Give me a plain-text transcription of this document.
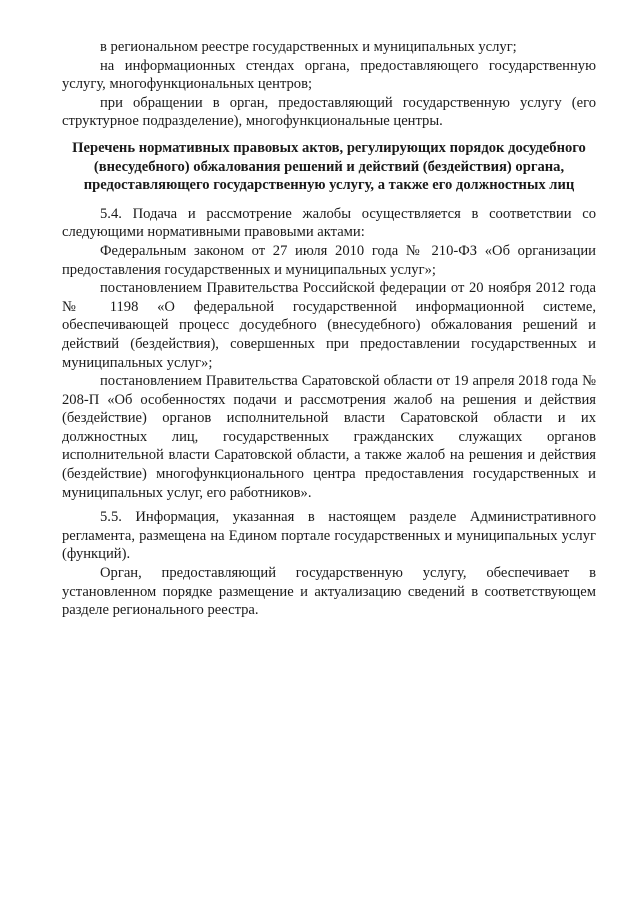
в региональном реестре государственных и муниципальных услуг;

на информационных стендах органа, предоставляющего государственную услугу, многофункциональных центров;

при обращении в орган, предоставляющий государственную услугу (его структурное подразделение), многофункциональные центры.

Перечень нормативных правовых актов, регулирующих порядок досудебного (внесудебного) обжалования решений и действий (бездействия) органа, предоставляющего государственную услугу, а также его должностных лиц

5.4. Подача и рассмотрение жалобы осуществляется в соответствии со следующими нормативными правовыми актами:

Федеральным законом от 27 июля 2010 года № 210-ФЗ «Об организации предоставления государственных и муниципальных услуг»;

постановлением Правительства Российской федерации от 20 ноября 2012 года № 1198 «О федеральной государственной информационной системе, обеспечивающей процесс досудебного (внесудебного) обжалования решений и действий (бездействия), совершенных при предоставлении государственных и муниципальных услуг»;

постановлением Правительства Саратовской области от 19 апреля 2018 года № 208-П «Об особенностях подачи и рассмотрения жалоб на решения и действия (бездействие) органов исполнительной власти Саратовской области и их должностных лиц, государственных гражданских служащих органов исполнительной власти Саратовской области, а также жалоб на решения и действия (бездействие) многофункционального центра предоставления государственных и муниципальных услуг, его работников».

5.5. Информация, указанная в настоящем разделе Административного регламента, размещена на Едином портале государственных и муниципальных услуг (функций).

Орган, предоставляющий государственную услугу, обеспечивает в установленном порядке размещение и актуализацию сведений в соответствующем разделе регионального реестра.
